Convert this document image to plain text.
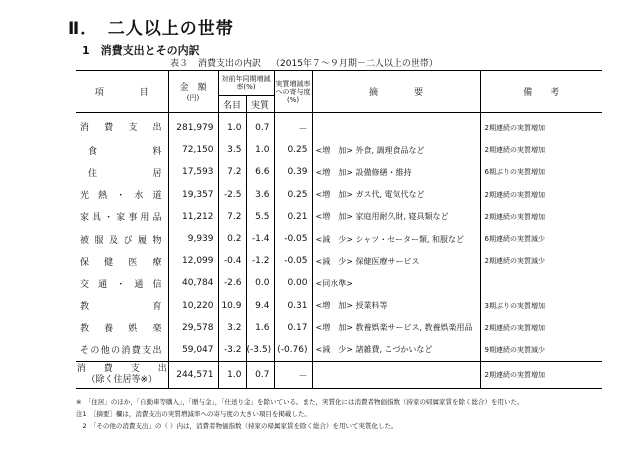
Ⅱ．　二人以上の世帯
1　消費支出とその内訳
表３ 消費支出の内訳 （2015年７～９月期－二人以上の世帯）
項　　　　目	金　額
(円)	対前年同期増減率(%)		実質増減率への寄与度(%)	摘　　　　要	備　　考
		名目	実質			
消費支出	281,979	1.0	0.7	－		2期連続の実質増加
食料	72,150	3.5	1.0	0.25	<増　加> 外食, 調理食品など	2期連続の実質増加
住居	17,593	7.2	6.6	0.39	<増　加> 設備修繕・維持	6期ぶりの実質増加
光熱・水道	19,357	-2.5	3.6	0.25	<増　加> ガス代, 電気代など	2期連続の実質増加
家具・家事用品	11,212	7.2	5.5	0.21	<増　加> 家庭用耐久財, 寝具類など	2期連続の実質増加
被服及び履物	9,939	0.2	-1.4	-0.05	<減　少> シャツ・セーター類, 和服など	6期連続の実質減少
保健医療	12,099	-0.4	-1.2	-0.05	<減　少> 保健医療サービス	2期連続の実質減少
交通・通信	40,784	-2.6	0.0	0.00	<同水準>	
教育	10,220	10.9	9.4	0.31	<増　加> 授業料等	3期ぶりの実質増加
教養娯楽	29,578	3.2	1.6	0.17	<増　加> 教養娯楽サービス, 教養娯楽用品	2期連続の実質増加
その他の消費支出	59,047	-3.2	(-3.5)	(-0.76)	<減　少> 諸雑費, こづかいなど	9期連続の実質減少

消　　費　　支　　出
（除く住居等※）	244,571	1.0	0.7	－		2期連続の実質増加
※　「住居」のほか，「自動車等購入」，「贈与金」，「仕送り金」を除いている。また，実質化には消費者物価指数（持家の帰属家賃を除く総合）を用いた。
注1　［摘要］欄は，消費支出の実質増減率への寄与度の大きい項目を掲載した。
　2　「その他の消費支出」の（ ）内は，消費者物価指数（持家の帰属家賃を除く総合）を用いて実質化した。
